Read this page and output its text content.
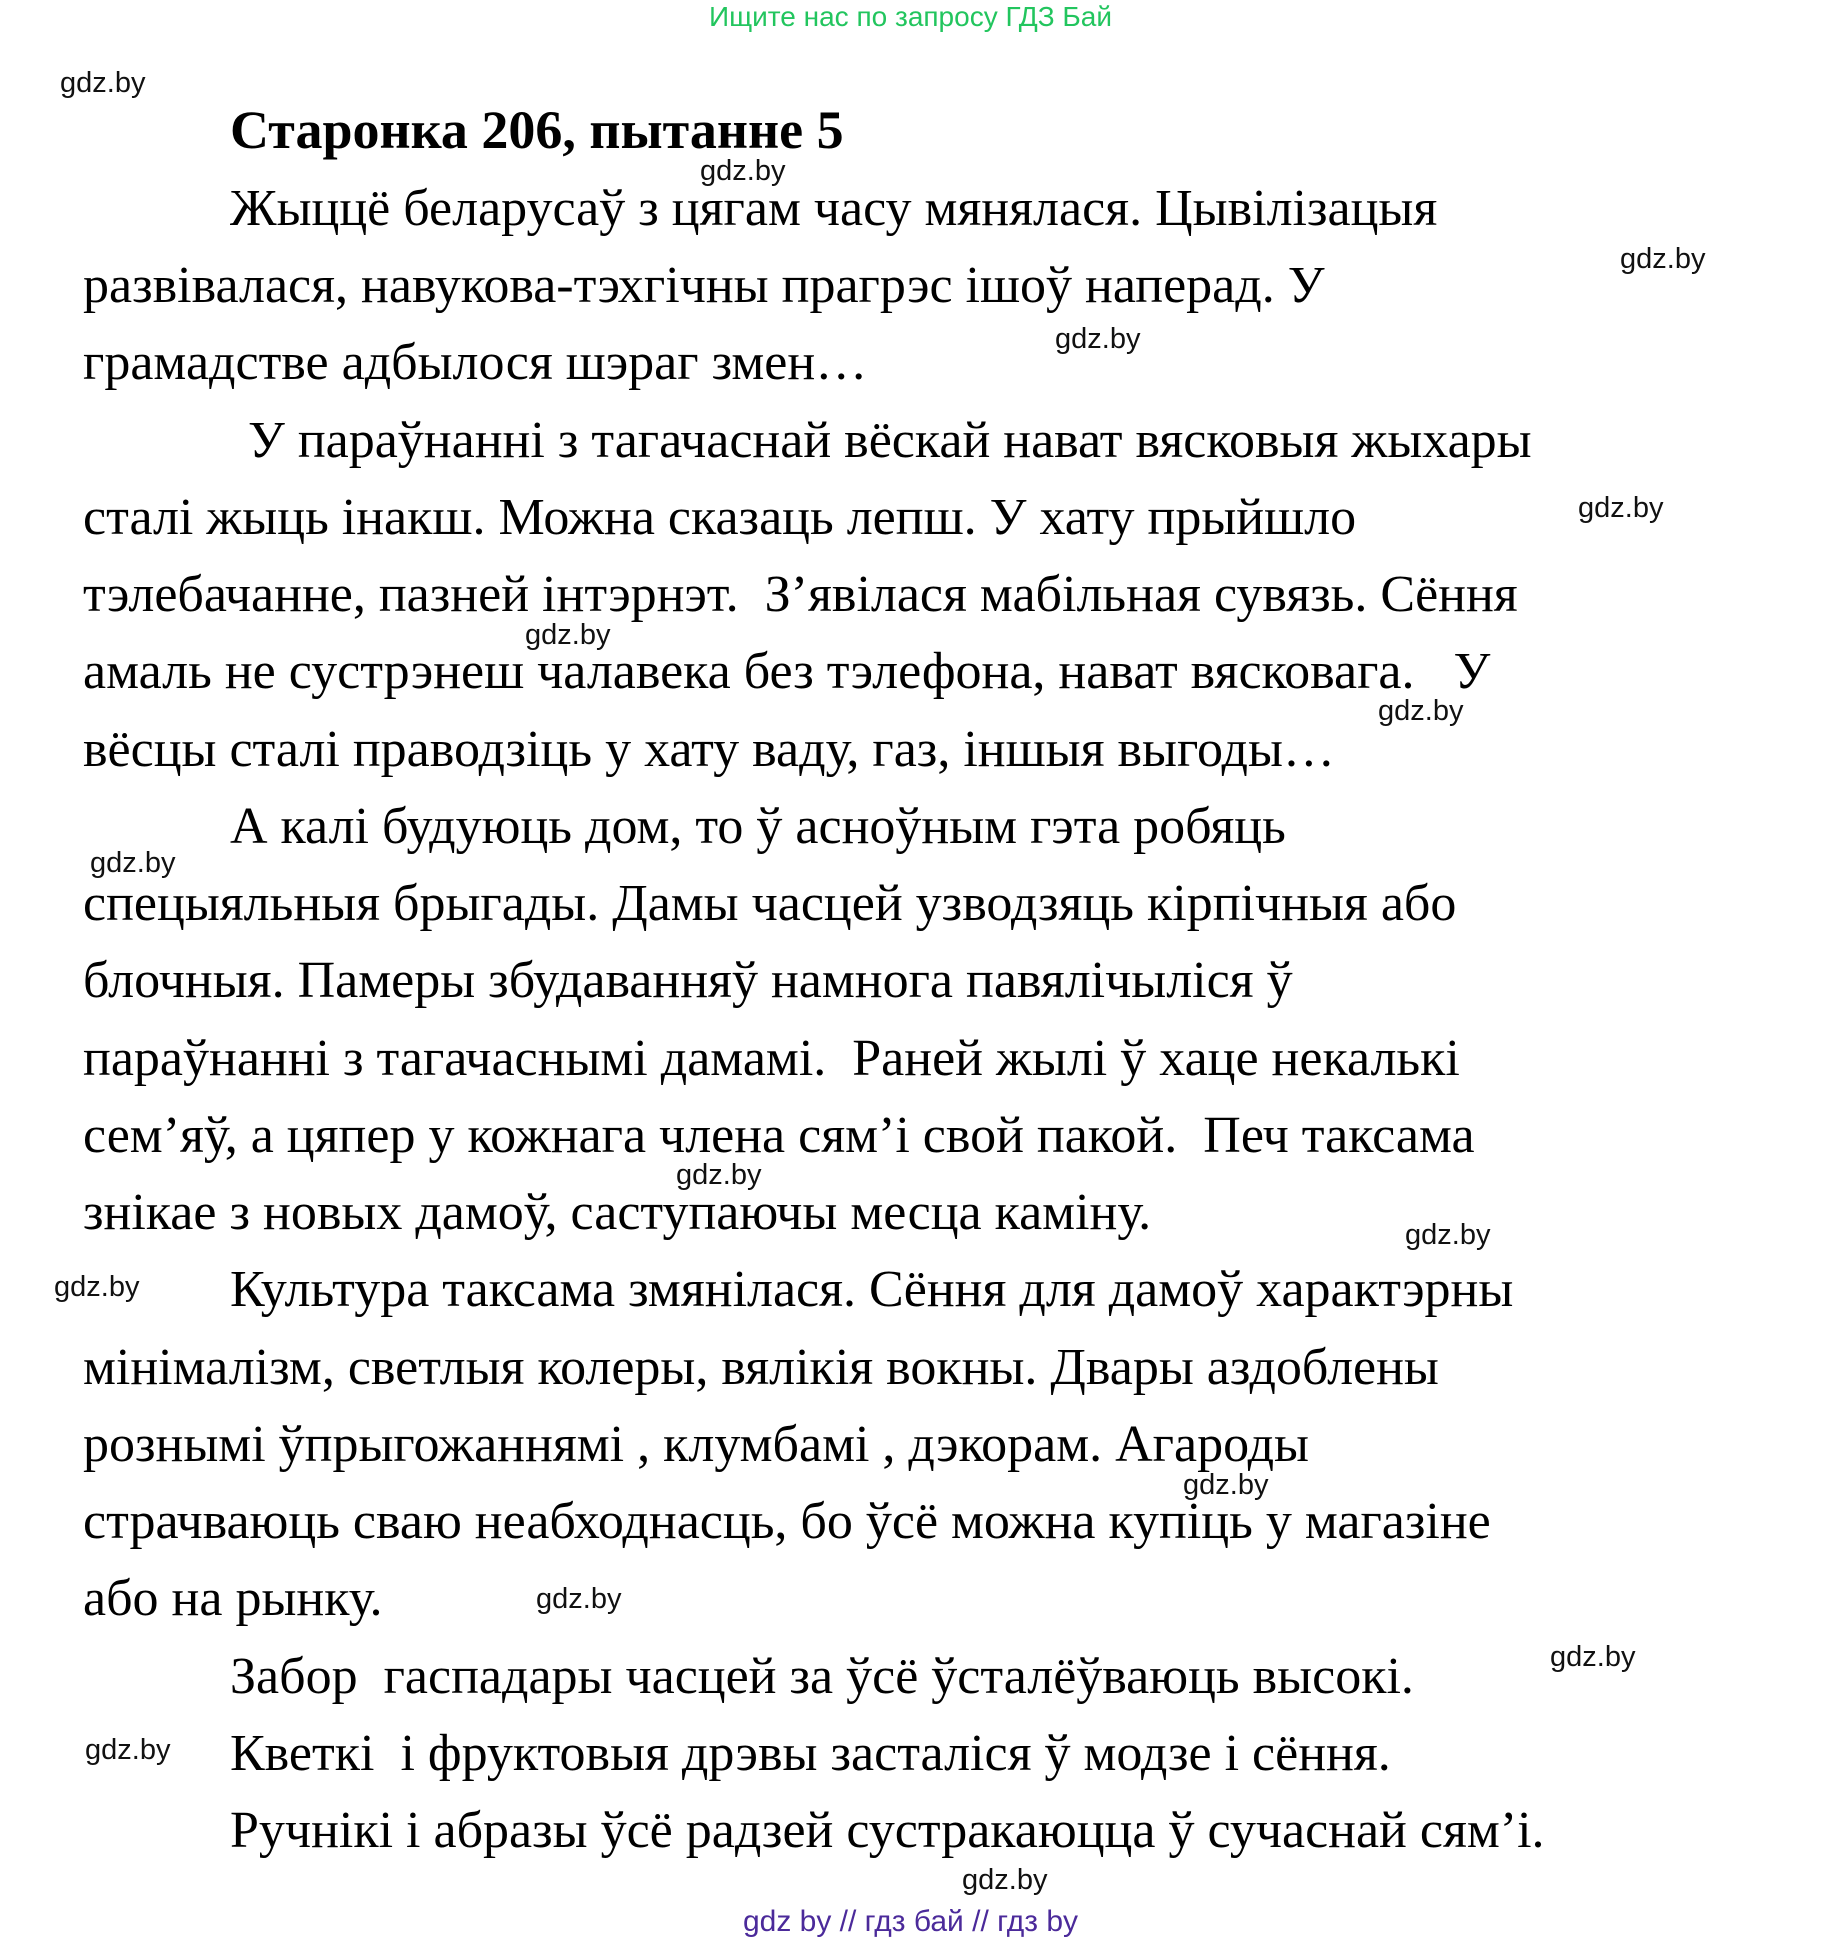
Ищите нас по запросу ГДЗ Бай
Старонка 206, пытанне 5
Жыццё беларусаў з цягам часу мянялася. Цывілізацыя
развівалася, навукова-тэхгічны прагрэс ішоў наперад. У
грамадстве адбылося шэраг змен…
У параўнанні з тагачаснай вёскай нават вясковыя жыхары
сталі жыць інакш. Можна сказаць лепш. У хату прыйшло
тэлебачанне, пазней інтэрнэт.  З’явілася мабільная сувязь. Сёння
амаль не сустрэнеш чалавека без тэлефона, нават вясковага.   У
вёсцы сталі праводзіць у хату ваду, газ, іншыя выгоды…
А калі будуюць дом, то ў асноўным гэта робяць
спецыяльныя брыгады. Дамы часцей узводзяць кірпічныя або
блочныя. Памеры збудаванняў намнога павялічыліся ў
параўнанні з тагачаснымі дамамі.  Раней жылі ў хаце некалькі
сем’яў, а цяпер у кожнага члена сям’і свой пакой.  Печ таксама
знікае з новых дамоў, саступаючы месца каміну.
Культура таксама змянілася. Сёння для дамоў характэрны
мінімалізм, светлыя колеры, вялікія вокны. Двары аздоблены
рознымі ўпрыгожаннямі , клумбамі , дэкорам. Агароды
страчваюць сваю неабходнасць, бо ўсё можна купіць у магазіне
або на рынку.
Забор  гаспадары часцей за ўсё ўсталёўваюць высокі.
Кветкі  і фруктовыя дрэвы засталіся ў модзе і сёння.
Ручнікі і абразы ўсё радзей сустракаюцца ў сучаснай сям’і.
gdz.by
gdz.by
gdz.by
gdz.by
gdz.by
gdz.by
gdz.by
gdz.by
gdz.by
gdz.by
gdz.by
gdz.by
gdz.by
gdz.by
gdz.by
gdz.by
gdz by // гдз бай // гдз by
